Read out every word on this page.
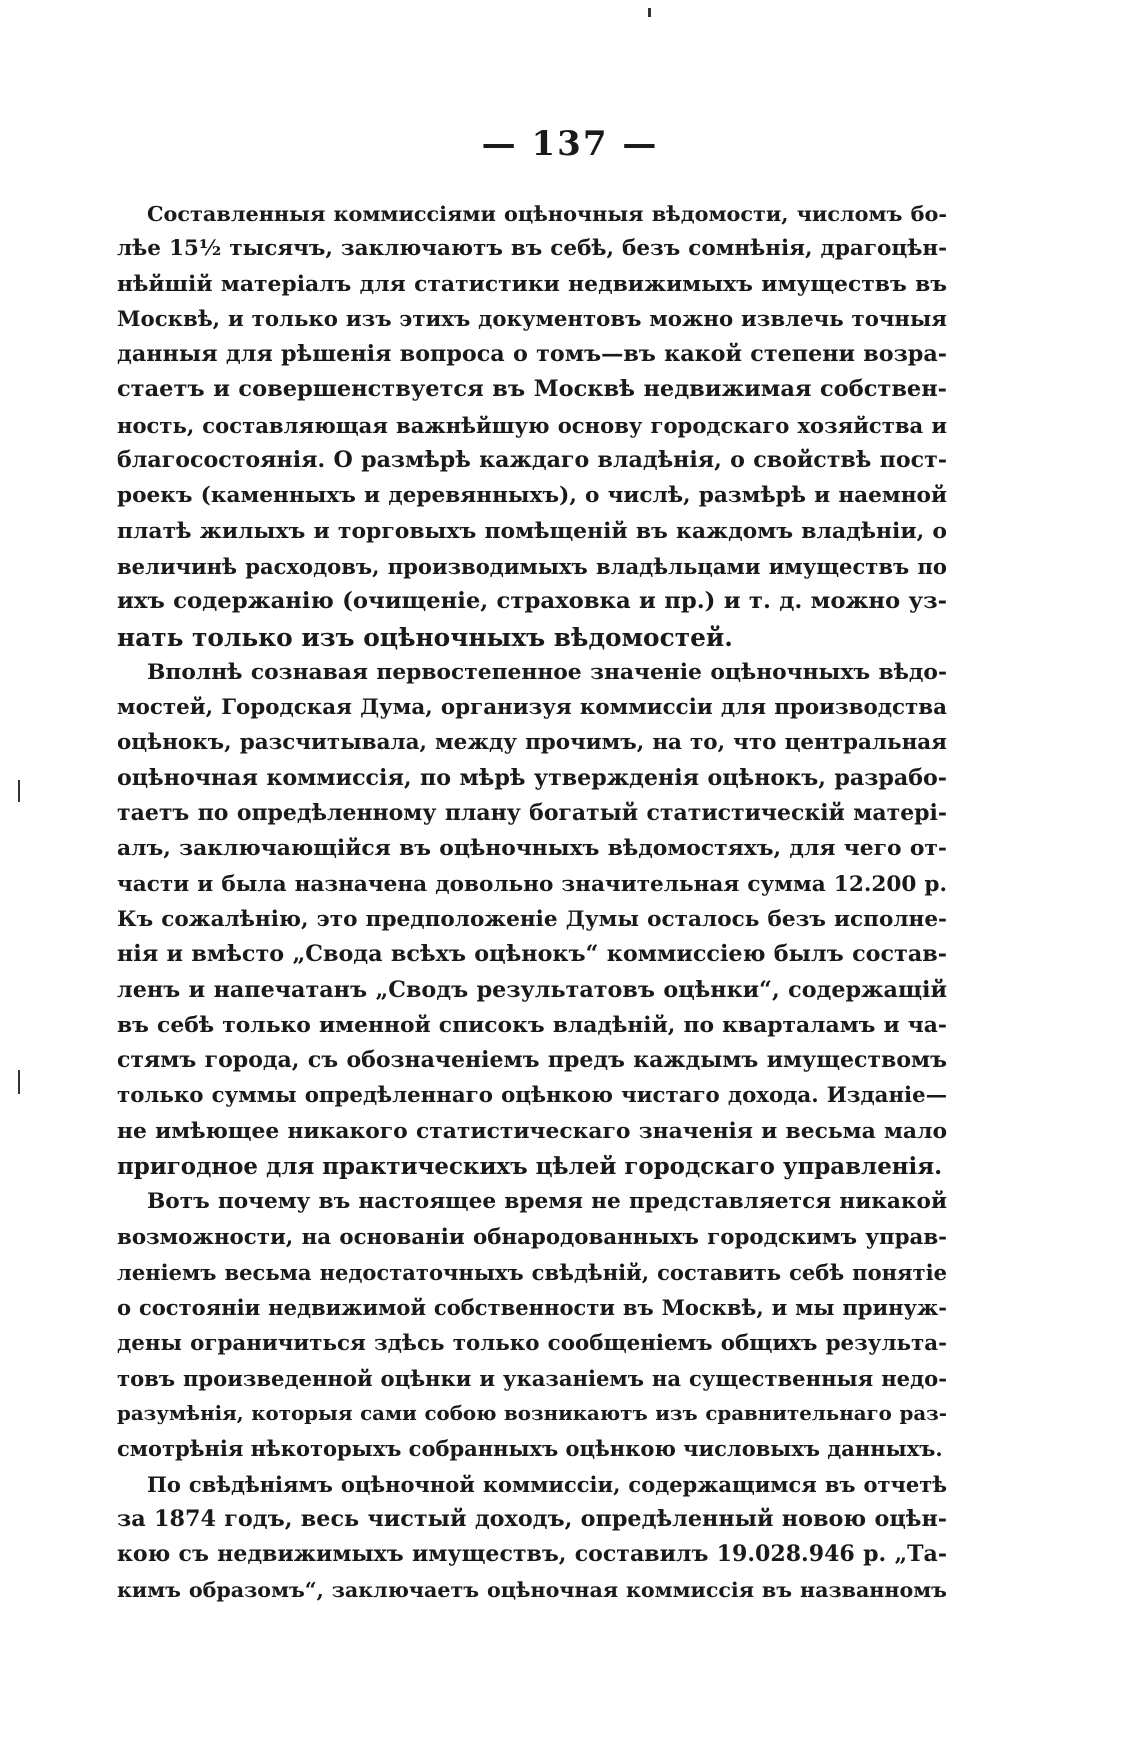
— 137 —
Составленныя коммиссіями оцѣночныя вѣдомости, числомъ бо-
лѣе 15½ тысячъ, заключаютъ въ себѣ, безъ сомнѣнія, драгоцѣн-
нѣйшій матеріалъ для статистики недвижимыхъ имуществъ въ
Москвѣ, и только изъ этихъ документовъ можно извлечь точныя
данныя для рѣшенія вопроса о томъ—въ какой степени возра-
стаетъ и совершенствуется въ Москвѣ недвижимая собствен-
ность, составляющая важнѣйшую основу городскаго хозяйства и
благосостоянія. О размѣрѣ каждаго владѣнія, о свойствѣ пост-
роекъ (каменныхъ и деревянныхъ), о числѣ, размѣрѣ и наемной
платѣ жилыхъ и торговыхъ помѣщеній въ каждомъ владѣніи, о
величинѣ расходовъ, производимыхъ владѣльцами имуществъ по
ихъ содержанію (очищеніе, страховка и пр.) и т. д. можно уз-
нать только изъ оцѣночныхъ вѣдомостей.
Вполнѣ сознавая первостепенное значеніе оцѣночныхъ вѣдо-
мостей, Городская Дума, организуя коммиссіи для производства
оцѣнокъ, разсчитывала, между прочимъ, на то, что центральная
оцѣночная коммиссія, по мѣрѣ утвержденія оцѣнокъ, разрабо-
таетъ по опредѣленному плану богатый статистическій матері-
алъ, заключающійся въ оцѣночныхъ вѣдомостяхъ, для чего от-
части и была назначена довольно значительная сумма 12.200 р.
Къ сожалѣнію, это предположеніе Думы осталось безъ исполне-
нія и вмѣсто „Свода всѣхъ оцѣнокъ“ коммиссіею былъ состав-
ленъ и напечатанъ „Сводъ результатовъ оцѣнки“, содержащій
въ себѣ только именной списокъ владѣній, по кварталамъ и ча-
стямъ города, съ обозначеніемъ предъ каждымъ имуществомъ
только суммы опредѣленнаго оцѣнкою чистаго дохода. Изданіе—
не имѣющее никакого статистическаго значенія и весьма мало
пригодное для практическихъ цѣлей городскаго управленія.
Вотъ почему въ настоящее время не представляется никакой
возможности, на основаніи обнародованныхъ городскимъ управ-
леніемъ весьма недостаточныхъ свѣдѣній, составить себѣ понятіе
о состояніи недвижимой собственности въ Москвѣ, и мы принуж-
дены ограничиться здѣсь только сообщеніемъ общихъ результа-
товъ произведенной оцѣнки и указаніемъ на существенныя недо-
разумѣнія, которыя сами собою возникаютъ изъ сравнительнаго раз-
смотрѣнія нѣкоторыхъ собранныхъ оцѣнкою числовыхъ данныхъ.
По свѣдѣніямъ оцѣночной коммиссіи, содержащимся въ отчетѣ
за 1874 годъ, весь чистый доходъ, опредѣленный новою оцѣн-
кою съ недвижимыхъ имуществъ, составилъ 19.028.946 р. „Та-
кимъ образомъ“, заключаетъ оцѣночная коммиссія въ названномъ
